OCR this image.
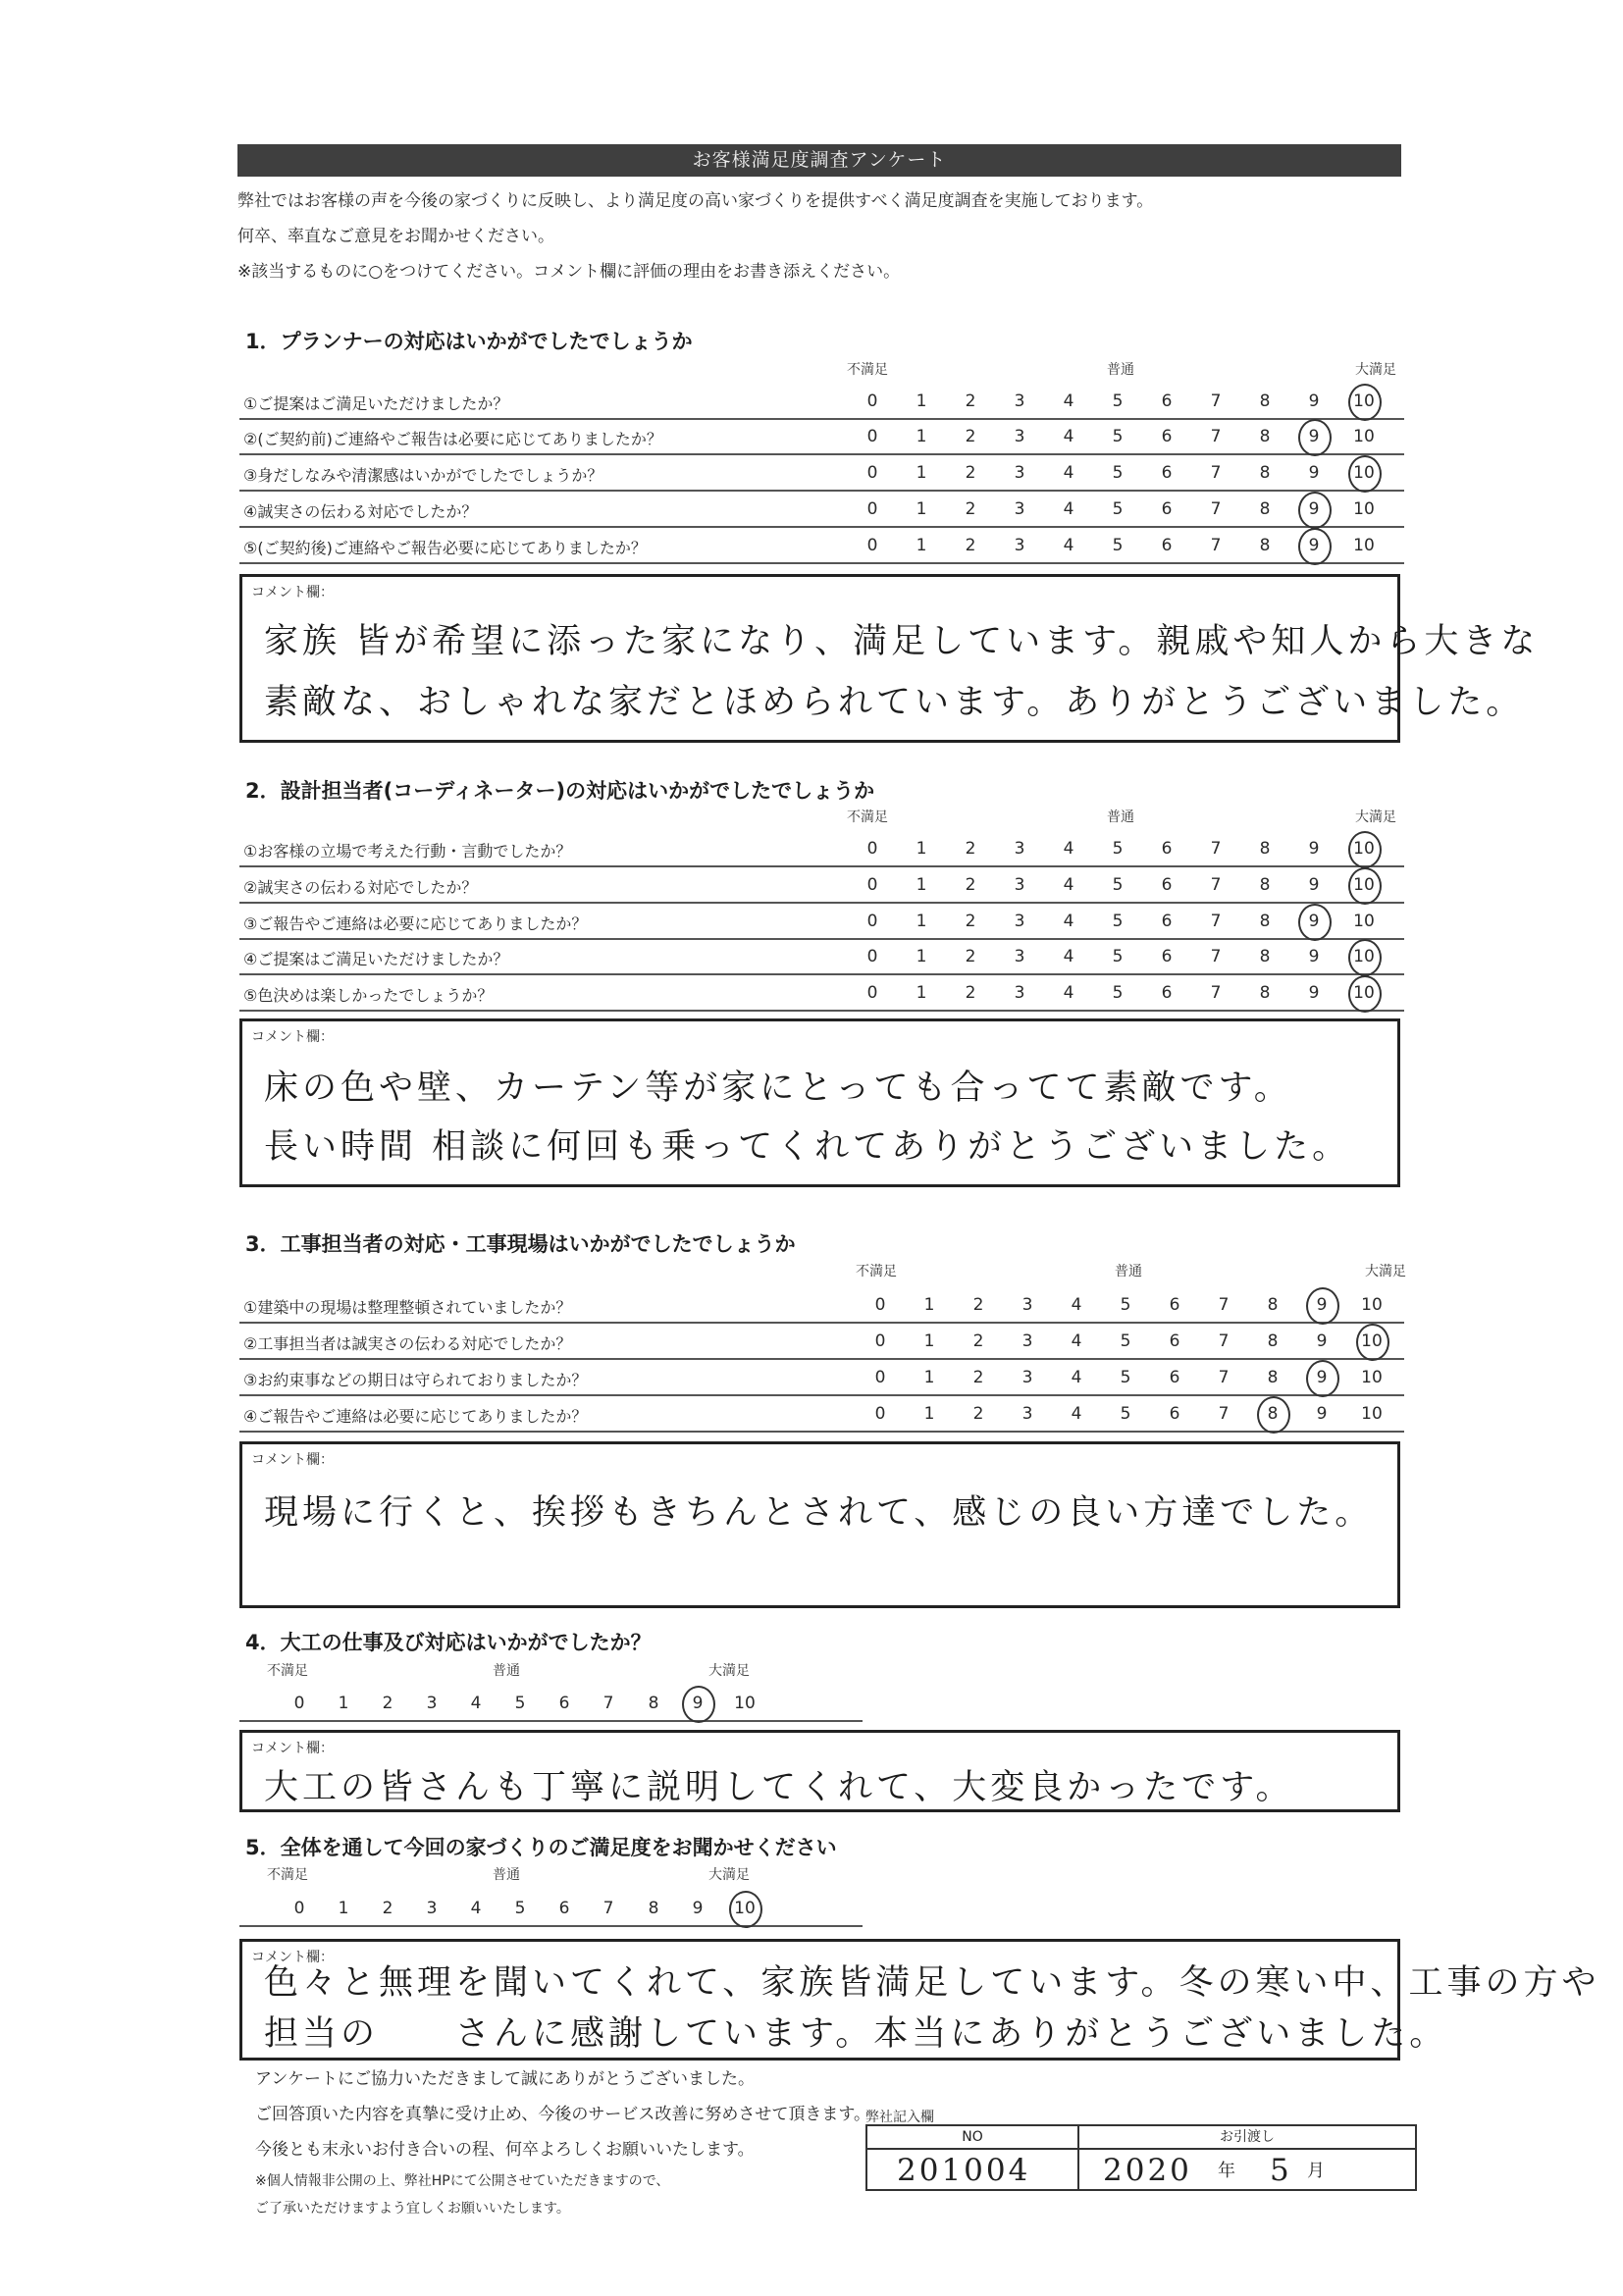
お客様満足度調査アンケート
弊社ではお客様の声を今後の家づくりに反映し、より満足度の高い家づくりを提供すべく満足度調査を実施しております。
何卒、率直なご意見をお聞かせください。
※該当するものに○をつけてください。コメント欄に評価の理由をお書き添えください。
1．プランナーの対応はいかがでしたでしょうか
不満足	普通	大満足
①ご提案はご満足いただけましたか？	0	1	2	3	4	5	6	7	8	9	10
②(ご契約前)ご連絡やご報告は必要に応じてありましたか？	0	1	2	3	4	5	6	7	8	9	10
③身だしなみや清潔感はいかがでしたでしょうか？	0	1	2	3	4	5	6	7	8	9	10
④誠実さの伝わる対応でしたか？	0	1	2	3	4	5	6	7	8	9	10
⑤(ご契約後)ご連絡やご報告必要に応じてありましたか？	0	1	2	3	4	5	6	7	8	9	10
コメント欄：
家族 皆が希望に添った家になり、満足しています。親戚や知人から大きな
素敵な、おしゃれな家だとほめられています。ありがとうございました。
2．設計担当者(コーディネーター)の対応はいかがでしたでしょうか
不満足	普通	大満足
①お客様の立場で考えた行動・言動でしたか？	0	1	2	3	4	5	6	7	8	9	10
②誠実さの伝わる対応でしたか？	0	1	2	3	4	5	6	7	8	9	10
③ご報告やご連絡は必要に応じてありましたか？	0	1	2	3	4	5	6	7	8	9	10
④ご提案はご満足いただけましたか？	0	1	2	3	4	5	6	7	8	9	10
⑤色決めは楽しかったでしょうか？	0	1	2	3	4	5	6	7	8	9	10
コメント欄：
床の色や壁、カーテン等が家にとっても合ってて素敵です。
長い時間 相談に何回も乗ってくれてありがとうございました。
3．工事担当者の対応・工事現場はいかがでしたでしょうか
不満足	普通	大満足
①建築中の現場は整理整頓されていましたか？	0	1	2	3	4	5	6	7	8	9	10
②工事担当者は誠実さの伝わる対応でしたか？	0	1	2	3	4	5	6	7	8	9	10
③お約束事などの期日は守られておりましたか？	0	1	2	3	4	5	6	7	8	9	10
④ご報告やご連絡は必要に応じてありましたか？	0	1	2	3	4	5	6	7	8	9	10
コメント欄：
現場に行くと、挨拶もきちんとされて、感じの良い方達でした。
4．大工の仕事及び対応はいかがでしたか？
不満足	普通	大満足
0	1	2	3	4	5	6	7	8	9	10
コメント欄：
大工の皆さんも丁寧に説明してくれて、大変良かったです。
5．全体を通して今回の家づくりのご満足度をお聞かせください
不満足	普通	大満足
0	1	2	3	4	5	6	7	8	9	10
コメント欄：
色々と無理を聞いてくれて、家族皆満足しています。冬の寒い中、工事の方や
担当の　　さんに感謝しています。本当にありがとうございました。
アンケートにご協力いただきまして誠にありがとうございました。
ご回答頂いた内容を真摯に受け止め、今後のサービス改善に努めさせて頂きます。
今後とも末永いお付き合いの程、何卒よろしくお願いいたします。
※個人情報非公開の上、弊社HPにて公開させていただきますので、
ご了承いただけますよう宜しくお願いいたします。
弊社記入欄
NO	お引渡し
201004 2020 年 5 月
